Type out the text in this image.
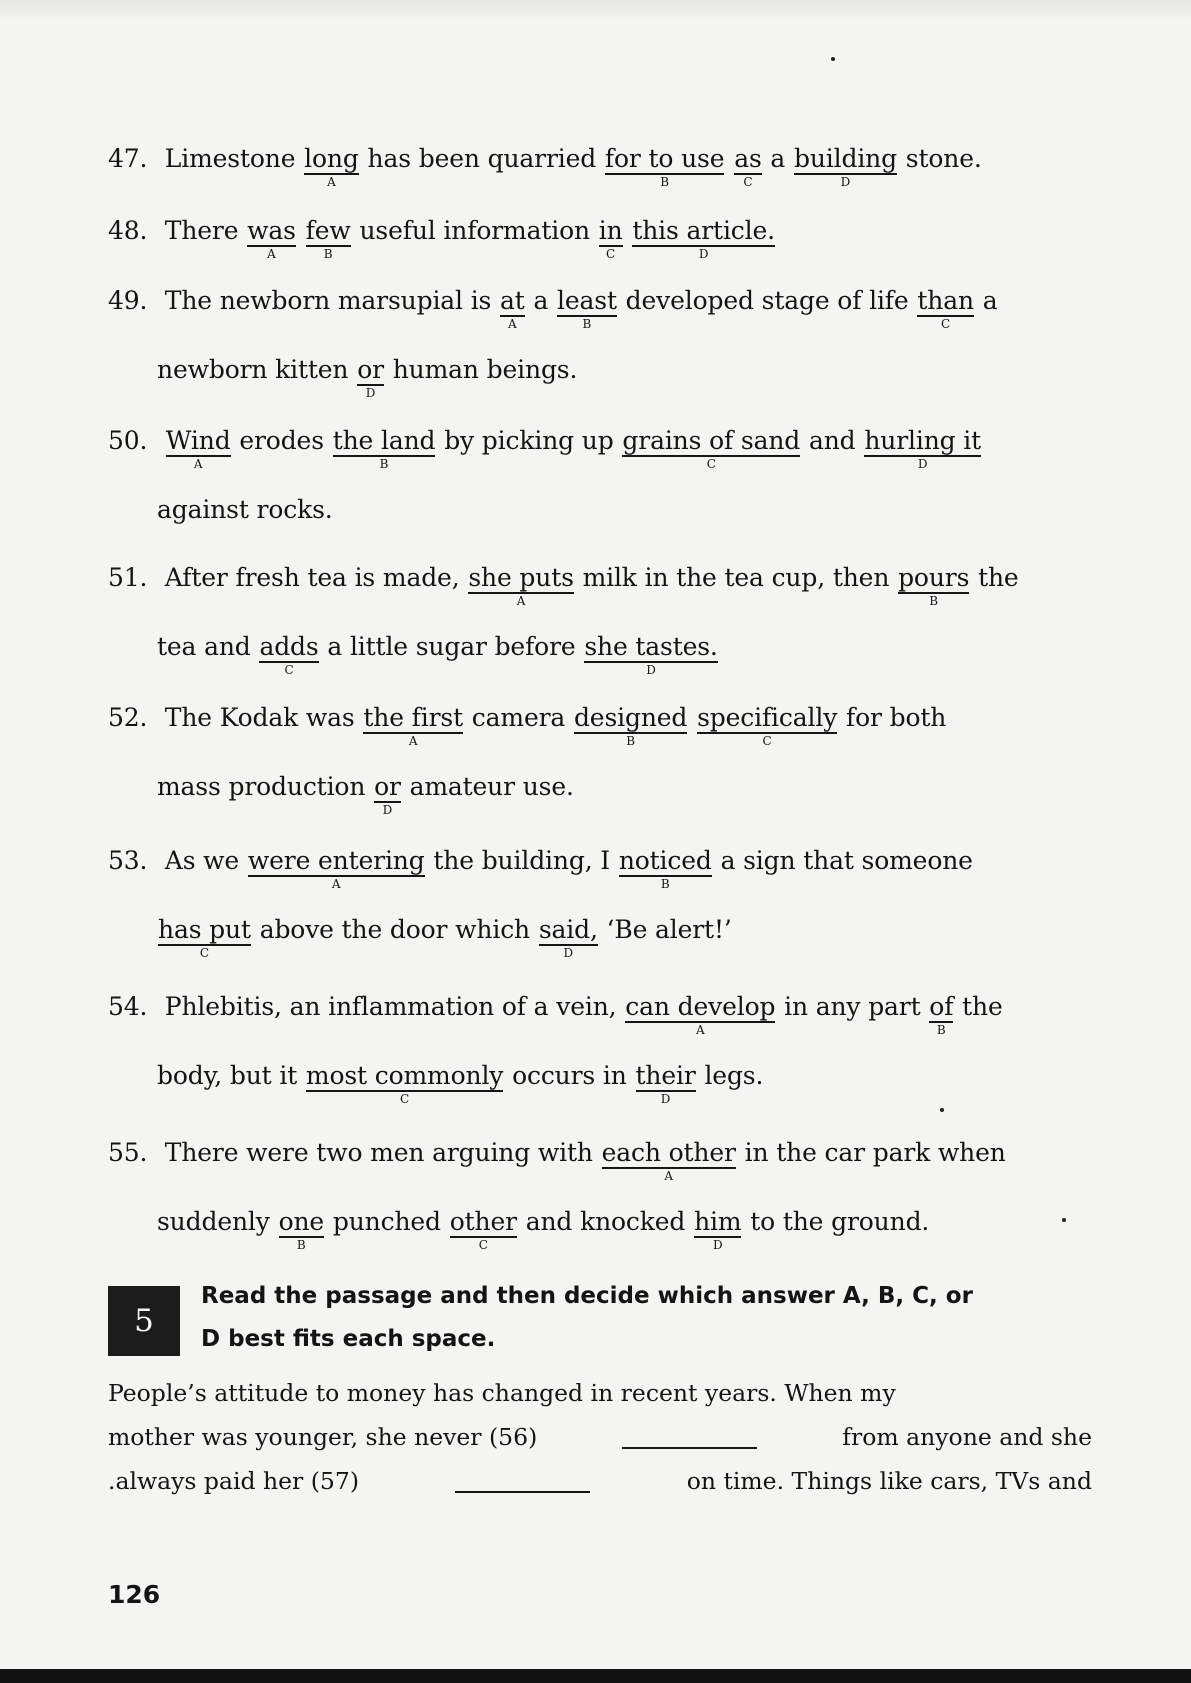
47. Limestone long
A
has been quarried for to use
B
as
C
a building
D
stone.
48. There was
A
few
B
useful information in
C
this article.
D
49. The newborn marsupial is at
A
a least
B
developed stage of life than
C
a
newborn kitten or
D
human beings.
50. Wind
A
erodes the land
B
by picking up grains of sand
C
and hurling it
D
against rocks.
51. After fresh tea is made, she puts
A
milk in the tea cup, then pours
B
the
tea and adds
C
a little sugar before she tastes.
D
52. The Kodak was the first
A
camera designed
B
specifically
C
for both
mass production or
D
amateur use.
53. As we were entering
A
the building, I noticed
B
a sign that someone
has put
C
above the door which said,
D
‘Be alert!’
54. Phlebitis, an inflammation of a vein, can develop
A
in any part of
B
the
body, but it most commonly
C
occurs in their
D
legs.
55. There were two men arguing with each other
A
in the car park when
suddenly one
B
punched other
C
and knocked him
D
to the ground.
5
Read the passage and then decide which answer A, B, C, or
D best fits each space.
People’s attitude to money has changed in recent years. When my
mother was younger, she never (56)	from anyone and she
.always paid her (57)	on time. Things like cars, TVs and
126
